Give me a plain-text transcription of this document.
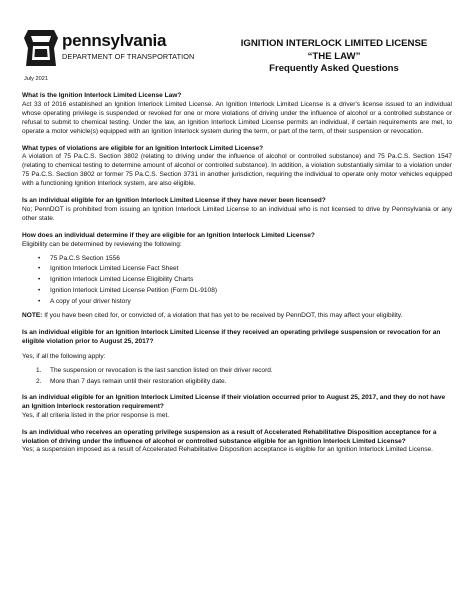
pennsylvania
DEPARTMENT OF TRANSPORTATION
July 2021
IGNITION INTERLOCK LIMITED LICENSE
“THE LAW”
Frequently Asked Questions

What is the Ignition Interlock Limited License Law?

Act 33 of 2016 established an Ignition Interlock Limited License. An Ignition Interlock Limited License is a driver's license issued to an individual whose operating privilege is suspended or revoked for one or more violations of driving under the influence of alcohol or a controlled substance or refusal to submit to chemical testing. Under the law, an Ignition Interlock Limited License permits an individual, if certain requirements are met, to operate a motor vehicle(s) equipped with an Ignition Interlock system during the term, or part of the term, of their suspension or revocation.

What types of violations are eligible for an Ignition Interlock Limited License?

A violation of 75 Pa.C.S. Section 3802 (relating to driving under the influence of alcohol or controlled substance) and 75 Pa.C.S. Section 1547 (relating to chemical testing to determine amount of alcohol or controlled substance). In addition, a violation substantially similar to a violation under 75 Pa.C.S. Section 3802 or former 75 Pa.C.S. Section 3731 in another jurisdiction, requiring the individual to operate only motor vehicles equipped with a functioning Ignition Interlock system, are also eligible.

Is an individual eligible for an Ignition Interlock Limited License if they have never been licensed?

No; PennDOT is prohibited from issuing an Ignition Interlock Limited License to an individual who is not licensed to drive by Pennsylvania or any other state.

How does an individual determine if they are eligible for an Ignition Interlock Limited License?

Eligibility can be determined by reviewing the following:

• 75 Pa.C.S Section 1556
• Ignition Interlock Limited License Fact Sheet
• Ignition Interlock Limited License Eligibility Charts
• Ignition Interlock Limited License Petition (Form DL-9108)
• A copy of your driver history

NOTE: If you have been cited for, or convicted of, a violation that has yet to be received by PennDOT, this may affect your eligibility.

Is an individual eligible for an Ignition Interlock Limited License if they received an operating privilege suspension or revocation for an eligible violation prior to August 25, 2017?

Yes, if all the following apply:

1. The suspension or revocation is the last sanction listed on their driver record.
2. More than 7 days remain until their restoration eligibility date.

Is an individual eligible for an Ignition Interlock Limited License if their violation occurred prior to August 25, 2017, and they do not have an Ignition Interlock restoration requirement?

Yes, if all criteria listed in the prior response is met.

Is an individual who receives an operating privilege suspension as a result of Accelerated Rehabilitative Disposition acceptance for a violation of driving under the influence of alcohol or controlled substance eligible for an Ignition Interlock Limited License?

Yes; a suspension imposed as a result of Accelerated Rehabilitative Disposition acceptance is eligible for an Ignition Interlock Limited License.
